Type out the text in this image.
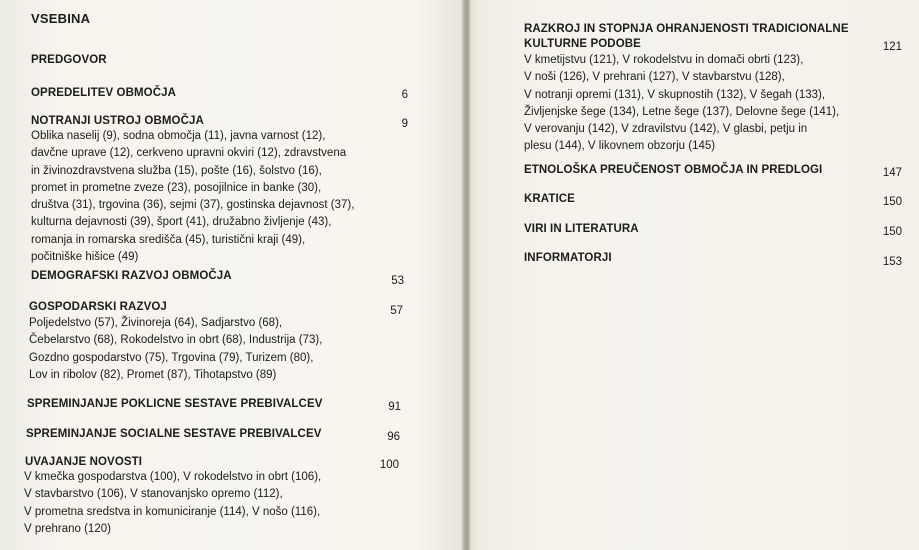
VSEBINA
PREDGOVOR
OPREDELITEV OBMOČJA	6
NOTRANJI USTROJ OBMOČJA	9
Oblika naselij (9), sodna območja (11), javna varnost (12),
davčne uprave (12), cerkveno upravni okviri (12), zdravstvena
in živinozdravstvena služba (15), pošte (16), šolstvo (16),
promet in prometne zveze (23), posojilnice in banke (30),
društva (31), trgovina (36), sejmi (37), gostinska dejavnost (37),
kulturna dejavnosti (39), šport (41), družabno življenje (43),
romanja in romarska središča (45), turistični kraji (49),
počitniške hišice (49)
DEMOGRAFSKI RAZVOJ OBMOČJA	53
GOSPODARSKI RAZVOJ	57
Poljedelstvo (57), Živinoreja (64), Sadjarstvo (68),
Čebelarstvo (68), Rokodelstvo in obrt (68), Industrija (73),
Gozdno gospodarstvo (75), Trgovina (79), Turizem (80),
Lov in ribolov (82), Promet (87), Tihotapstvo (89)
SPREMINJANJE POKLICNE SESTAVE PREBIVALCEV	91
SPREMINJANJE SOCIALNE SESTAVE PREBIVALCEV	96
UVAJANJE NOVOSTI	100
V kmečka gospodarstva (100), V rokodelstvo in obrt (106),
V stavbarstvo (106), V stanovanjsko opremo (112),
V prometna sredstva in komuniciranje (114), V nošo (116),
V prehrano (120)
RAZKROJ IN STOPNJA OHRANJENOSTI TRADICIONALNE
KULTURNE PODOBE	121
V kmetijstvu (121), V rokodelstvu in domači obrti (123),
V noši (126), V prehrani (127), V stavbarstvu (128),
V notranji opremi (131), V skupnostih (132), V šegah (133),
Življenjske šege (134), Letne šege (137), Delovne šege (141),
V verovanju (142), V zdravilstvu (142), V glasbi, petju in
plesu (144), V likovnem obzorju (145)
ETNOLOŠKA PREUČENOST OBMOČJA IN PREDLOGI	147
KRATICE	150
VIRI IN LITERATURA	150
INFORMATORJI	153
